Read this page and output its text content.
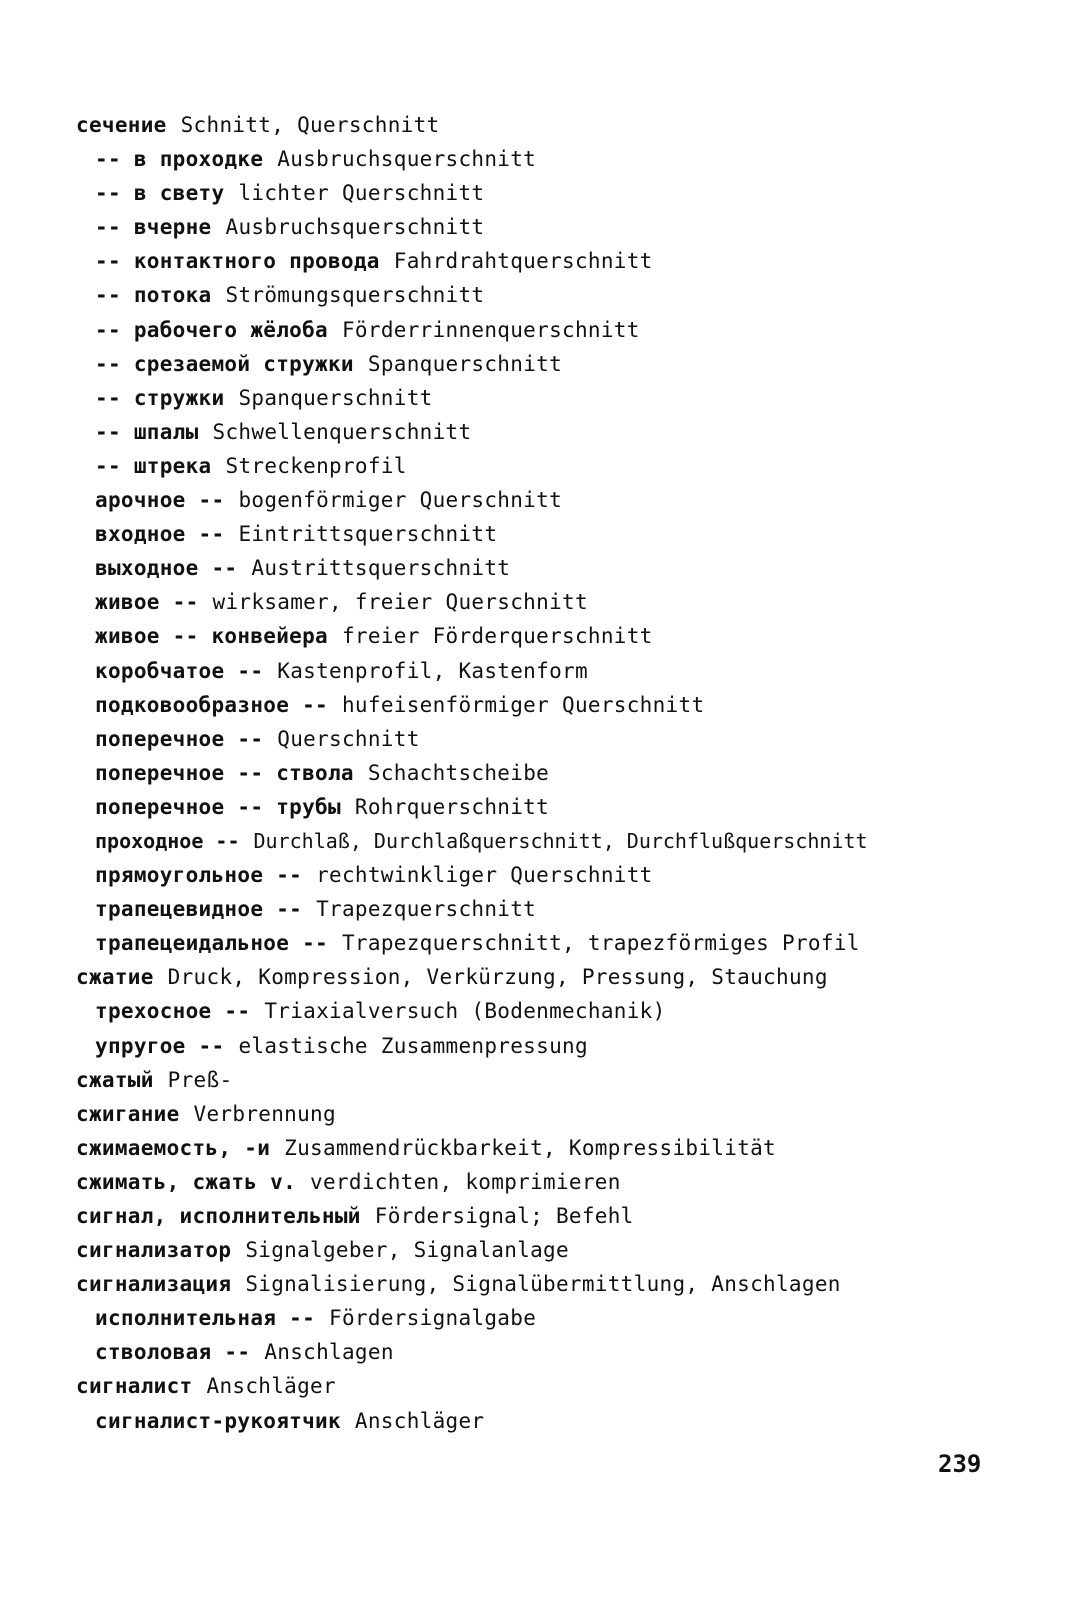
сечение Schnitt, Querschnitt
-- в проходке Ausbruchsquerschnitt
-- в свету lichter Querschnitt
-- вчерне Ausbruchsquerschnitt
-- контактного провода Fahrdrahtquerschnitt
-- потока Strömungsquerschnitt
-- рабочего жёлоба Förderrinnenquerschnitt
-- срезаемой стружки Spanquerschnitt
-- стружки Spanquerschnitt
-- шпалы Schwellenquerschnitt
-- штрека Streckenprofil
арочное -- bogenförmiger Querschnitt
входное -- Eintrittsquerschnitt
выходное -- Austrittsquerschnitt
живое -- wirksamer, freier Querschnitt
живое -- конвейера freier Förderquerschnitt
коробчатое -- Kastenprofil, Kastenform
подковообразное -- hufeisenförmiger Querschnitt
поперечное -- Querschnitt
поперечное -- ствола Schachtscheibe
поперечное -- трубы Rohrquerschnitt
проходное -- Durchlaß, Durchlaßquerschnitt, Durchflußquerschnitt
прямоугольное -- rechtwinkliger Querschnitt
трапецевидное -- Trapezquerschnitt
трапецеидальное -- Trapezquerschnitt, trapezförmiges Profil
сжатие Druck, Kompression, Verkürzung, Pressung, Stauchung
трехосное -- Triaxialversuch (Bodenmechanik)
упругое -- elastische Zusammenpressung
сжатый Preß-
сжигание Verbrennung
сжимаемость, -и Zusammendrückbarkeit, Kompressibilität
сжимать, сжать v. verdichten, komprimieren
сигнал, исполнительный Fördersignal; Befehl
сигнализатор Signalgeber, Signalanlage
сигнализация Signalisierung, Signalübermittlung, Anschlagen
исполнительная -- Fördersignalgabe
стволовая -- Anschlagen
сигналист Anschläger
сигналист-рукоятчик Anschläger
239
